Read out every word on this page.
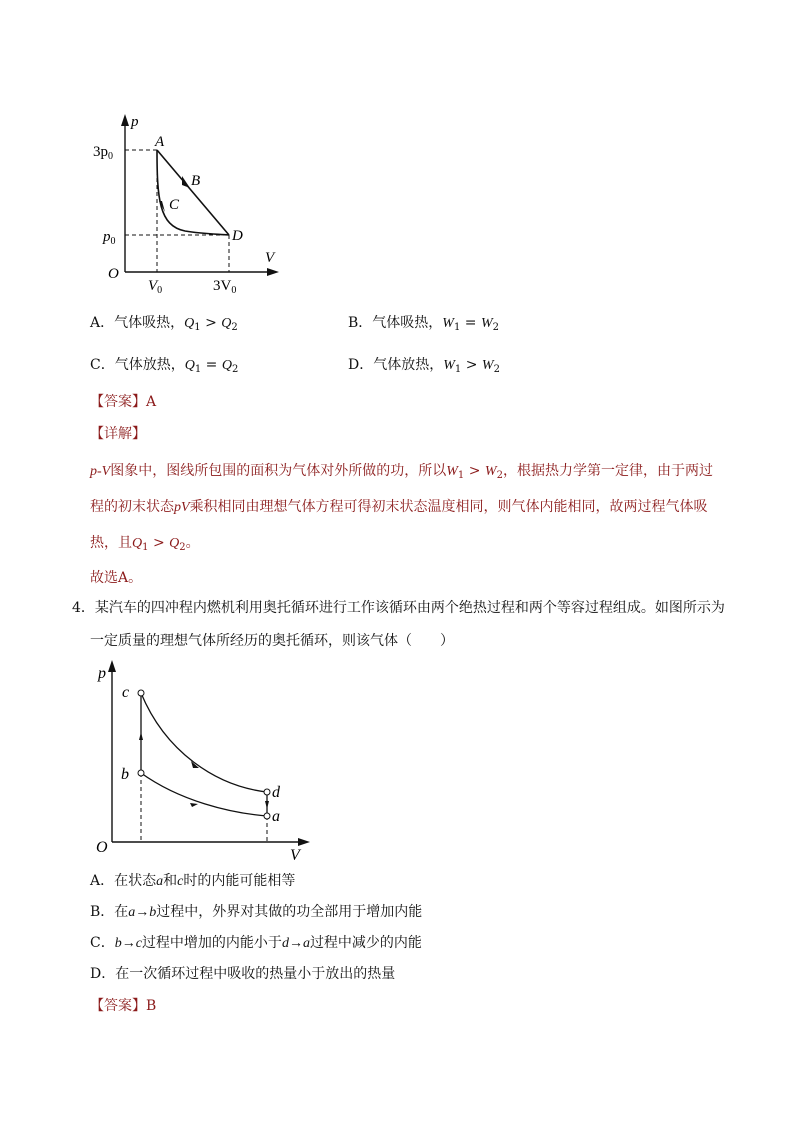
p
V
O
$3p_0$
$p_0$
$V_0$	$3V_0$
A
B
C
D
A．气体吸热，$Q_1 > Q_2$	B．气体吸热，$W_1 = W_2$
C．气体放热，$Q_1 = Q_2$	D．气体放热，$W_1 > W_2$
【答案】A
【详解】
p-V图象中，图线所包围的面积为气体对外所做的功，所以$W_1 > W_2$，根据热力学第一定律，由于两过
程的初末状态pV乘积相同由理想气体方程可得初末状态温度相同，则气体内能相同，故两过程气体吸
热，且$Q_1 > Q_2$。
故选A。
4．某汽车的四冲程内燃机利用奥托循环进行工作该循环由两个绝热过程和两个等容过程组成。如图所示为
一定质量的理想气体所经历的奥托循环，则该气体（　　）
p
V
O
c
b
d
a
A．在状态a和c时的内能可能相等
B．在a→b过程中，外界对其做的功全部用于增加内能
C．b→c过程中增加的内能小于d→a过程中减少的内能
D．在一次循环过程中吸收的热量小于放出的热量
【答案】B
